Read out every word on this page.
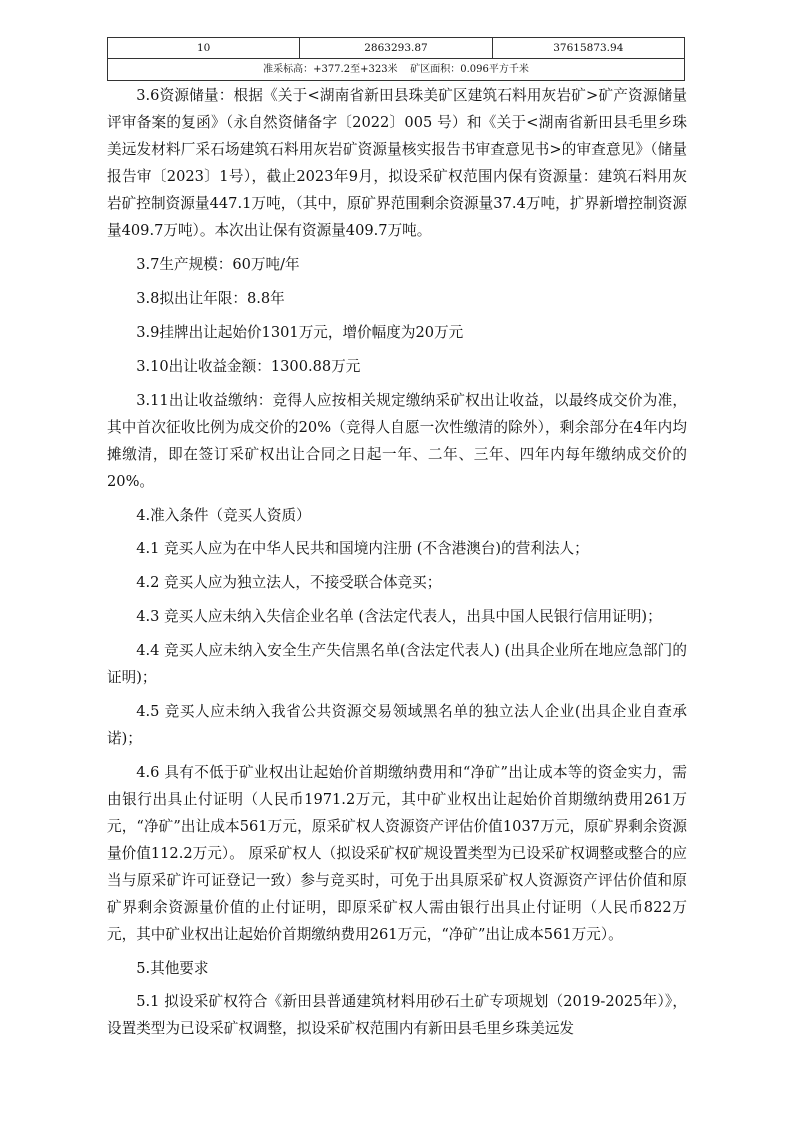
10	2863293.87	37615873.94
准采标高：+377.2至+323米    矿区面积：0.096平方千米

3.6资源储量：根据《关于<湖南省新田县珠美矿区建筑石料用灰岩矿>矿产资源储量评审备案的复函》（永自然资储备字〔2022〕005 号）和《关于<湖南省新田县毛里乡珠美远发材料厂采石场建筑石料用灰岩矿资源量核实报告书审查意见书>的审查意见》（储量报告审〔2023〕1号），截止2023年9月，拟设采矿权范围内保有资源量：建筑石料用灰岩矿控制资源量447.1万吨，（其中，原矿界范围剩余资源量37.4万吨，扩界新增控制资源量409.7万吨）。本次出让保有资源量409.7万吨。

3.7生产规模：60万吨/年

3.8拟出让年限：8.8年

3.9挂牌出让起始价1301万元，增价幅度为20万元

3.10出让收益金额：1300.88万元

3.11出让收益缴纳：竞得人应按相关规定缴纳采矿权出让收益，以最终成交价为准，其中首次征收比例为成交价的20%（竞得人自愿一次性缴清的除外），剩余部分在4年内均摊缴清，即在签订采矿权出让合同之日起一年、二年、三年、四年内每年缴纳成交价的20%。

4.准入条件（竞买人资质）

4.1 竞买人应为在中华人民共和国境内注册 (不含港澳台)的营利法人；

4.2 竞买人应为独立法人，不接受联合体竞买；

4.3 竞买人应未纳入失信企业名单 (含法定代表人，出具中国人民银行信用证明)；

4.4 竞买人应未纳入安全生产失信黑名单(含法定代表人) (出具企业所在地应急部门的证明)；

4.5 竞买人应未纳入我省公共资源交易领域黑名单的独立法人企业(出具企业自查承诺)；

4.6 具有不低于矿业权出让起始价首期缴纳费用和“净矿”出让成本等的资金实力，需由银行出具止付证明（人民币1971.2万元，其中矿业权出让起始价首期缴纳费用261万元，“净矿”出让成本561万元，原采矿权人资源资产评估价值1037万元，原矿界剩余资源量价值112.2万元）。 原采矿权人（拟设采矿权矿规设置类型为已设采矿权调整或整合的应当与原采矿许可证登记一致）参与竞买时，可免于出具原采矿权人资源资产评估价值和原矿界剩余资源量价值的止付证明，即原采矿权人需由银行出具止付证明（人民币822万元，其中矿业权出让起始价首期缴纳费用261万元，“净矿”出让成本561万元）。

5.其他要求

5.1 拟设采矿权符合《新田县普通建筑材料用砂石土矿专项规划（2019-2025年）》，设置类型为已设采矿权调整，拟设采矿权范围内有新田县毛里乡珠美远发
